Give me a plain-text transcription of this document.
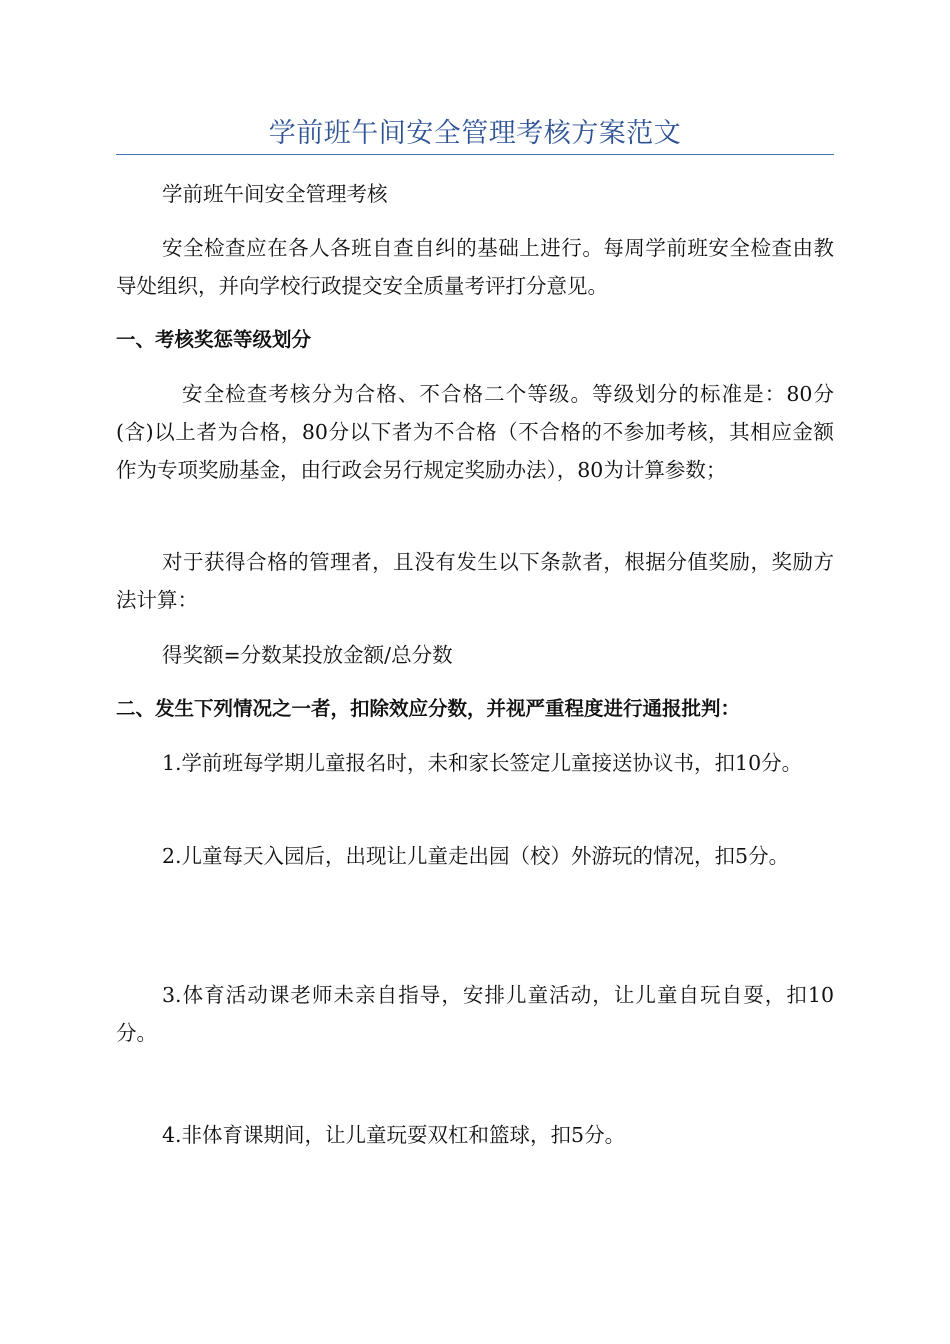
学前班午间安全管理考核方案范文

学前班午间安全管理考核

安全检查应在各人各班自查自纠的基础上进行。每周学前班安全检查由教导处组织，并向学校行政提交安全质量考评打分意见。

一、考核奖惩等级划分

安全检查考核分为合格、不合格二个等级。等级划分的标准是：80分(含)以上者为合格，80分以下者为不合格（不合格的不参加考核，其相应金额作为专项奖励基金，由行政会另行规定奖励办法），80为计算参数；

对于获得合格的管理者，且没有发生以下条款者，根据分值奖励，奖励方法计算：

得奖额=分数某投放金额/总分数

二、发生下列情况之一者，扣除效应分数，并视严重程度进行通报批判：

1.学前班每学期儿童报名时，未和家长签定儿童接送协议书，扣10分。

2.儿童每天入园后，出现让儿童走出园（校）外游玩的情况，扣5分。

3.体育活动课老师未亲自指导，安排儿童活动，让儿童自玩自耍，扣10分。

4.非体育课期间，让儿童玩耍双杠和篮球，扣5分。
